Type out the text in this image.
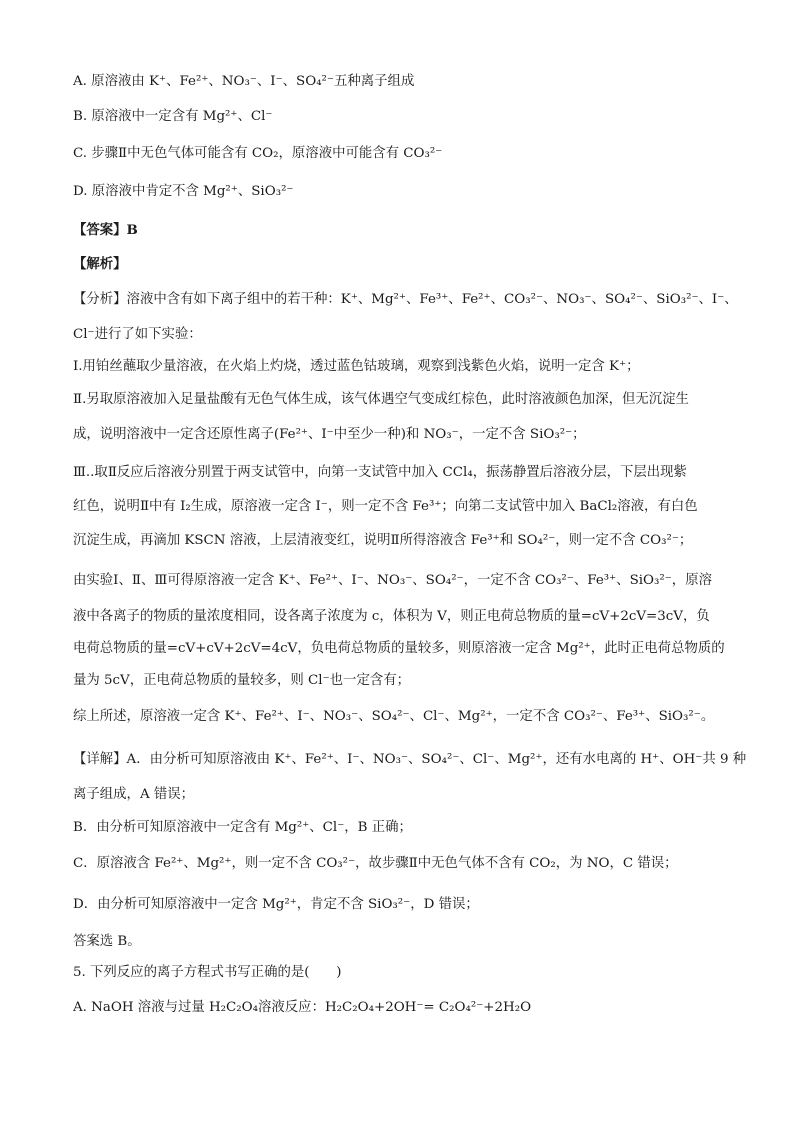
A. 原溶液由 K⁺、Fe²⁺、NO₃⁻、I⁻、SO₄²⁻五种离子组成
B. 原溶液中一定含有 Mg²⁺、Cl⁻
C. 步骤Ⅱ中无色气体可能含有 CO₂，原溶液中可能含有 CO₃²⁻
D. 原溶液中肯定不含 Mg²⁺、SiO₃²⁻
【答案】B
【解析】
【分析】溶液中含有如下离子组中的若干种：K⁺、Mg²⁺、Fe³⁺、Fe²⁺、CO₃²⁻、NO₃⁻、SO₄²⁻、SiO₃²⁻、I⁻、
Cl⁻进行了如下实验：
Ⅰ.用铂丝蘸取少量溶液，在火焰上灼烧，透过蓝色钴玻璃，观察到浅紫色火焰，说明一定含 K⁺；
Ⅱ.另取原溶液加入足量盐酸有无色气体生成，该气体遇空气变成红棕色，此时溶液颜色加深，但无沉淀生
成，说明溶液中一定含还原性离子(Fe²⁺、I⁻中至少一种)和 NO₃⁻，一定不含 SiO₃²⁻；
Ⅲ..取Ⅱ反应后溶液分别置于两支试管中，向第一支试管中加入 CCl₄，振荡静置后溶液分层，下层出现紫
红色，说明Ⅱ中有 I₂生成，原溶液一定含 I⁻，则一定不含 Fe³⁺；向第二支试管中加入 BaCl₂溶液，有白色
沉淀生成，再滴加 KSCN 溶液，上层清液变红，说明Ⅱ所得溶液含 Fe³⁺和 SO₄²⁻，则一定不含 CO₃²⁻；
由实验Ⅰ、Ⅱ、Ⅲ可得原溶液一定含 K⁺、Fe²⁺、I⁻、NO₃⁻、SO₄²⁻，一定不含 CO₃²⁻、Fe³⁺、SiO₃²⁻，原溶
液中各离子的物质的量浓度相同，设各离子浓度为 c，体积为 V，则正电荷总物质的量=cV+2cV=3cV，负
电荷总物质的量=cV+cV+2cV=4cV，负电荷总物质的量较多，则原溶液一定含 Mg²⁺，此时正电荷总物质的
量为 5cV，正电荷总物质的量较多，则 Cl⁻也一定含有；
综上所述，原溶液一定含 K⁺、Fe²⁺、I⁻、NO₃⁻、SO₄²⁻、Cl⁻、Mg²⁺，一定不含 CO₃²⁻、Fe³⁺、SiO₃²⁻。
【详解】A．由分析可知原溶液由 K⁺、Fe²⁺、I⁻、NO₃⁻、SO₄²⁻、Cl⁻、Mg²⁺，还有水电离的 H⁺、OH⁻共 9 种
离子组成，A 错误；
B．由分析可知原溶液中一定含有 Mg²⁺、Cl⁻，B 正确；
C．原溶液含 Fe²⁺、Mg²⁺，则一定不含 CO₃²⁻，故步骤Ⅱ中无色气体不含有 CO₂，为 NO，C 错误；
D．由分析可知原溶液中一定含 Mg²⁺，肯定不含 SiO₃²⁻，D 错误；
答案选 B。
5. 下列反应的离子方程式书写正确的是(　　)
A. NaOH 溶液与过量 H₂C₂O₄溶液反应：H₂C₂O₄+2OH⁻= C₂O₄²⁻+2H₂O
